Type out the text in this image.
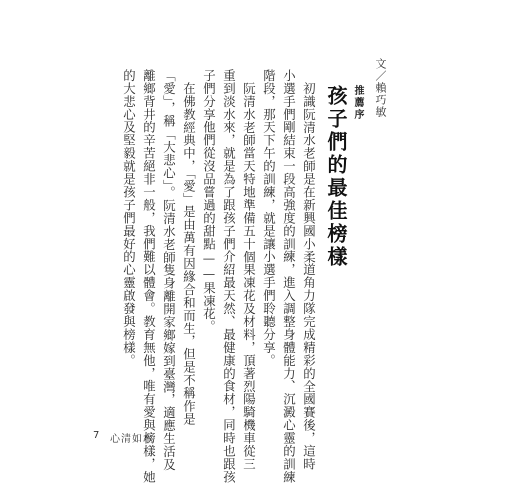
文／賴巧敏

推薦序

孩子們的最佳榜樣

初識阮清水老師是在新興國小柔道角力隊完成精彩的全國賽後，這時

小選手們剛結束一段高強度的訓練，進入調整身體能力、沉澱心靈的訓練

階段，那天下午的訓練，就是讓小選手們聆聽分享。

阮清水老師當天特地準備五十個果凍花及材料，頂著烈陽騎機車從三

重到淡水來，就是為了跟孩子們介紹最天然、最健康的食材，同時也跟孩

子們分享他們從沒品嘗過的甜點——果凍花。

在佛教經典中，「愛」是由萬有因緣合和而生，但是不稱作是

「愛」，稱「大悲心」。阮清水老師隻身離開家鄉嫁到臺灣，適應生活及

離鄉背井的辛苦絕非一般，我們難以體會。教育無他，唯有愛與榜樣，她

的大悲心及堅毅就是孩子們最好的心靈啟發與榜樣。

7 心清如水
